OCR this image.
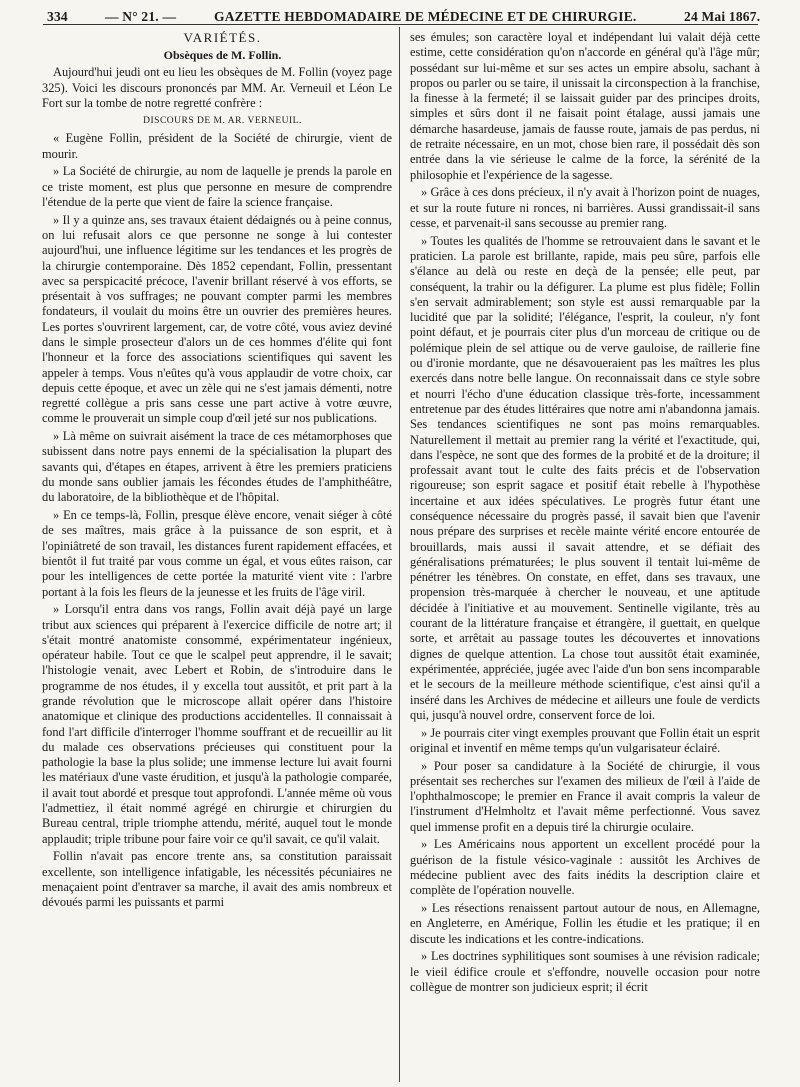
334	— N° 21. —	GAZETTE HEBDOMADAIRE DE MÉDECINE ET DE CHIRURGIE.	24 Mai 1867.

VARIÉTÉS.

Obsèques de M. Follin.

Aujourd'hui jeudi ont eu lieu les obsèques de M. Follin (voyez page 325). Voici les discours prononcés par MM. Ar. Verneuil et Léon Le Fort sur la tombe de notre regretté confrère :

DISCOURS DE M. AR. VERNEUIL.

« Eugène Follin, président de la Société de chirurgie, vient de mourir.

» La Société de chirurgie, au nom de laquelle je prends la parole en ce triste moment, est plus que personne en mesure de comprendre l'étendue de la perte que vient de faire la science française.

» Il y a quinze ans, ses travaux étaient dédaignés ou à peine connus, on lui refusait alors ce que personne ne songe à lui contester aujourd'hui, une influence légitime sur les tendances et les progrès de la chirurgie contemporaine. Dès 1852 cependant, Follin, pressentant avec sa perspicacité précoce, l'avenir brillant réservé à vos efforts, se présentait à vos suffrages; ne pouvant compter parmi les membres fondateurs, il voulait du moins être un ouvrier des premières heures. Les portes s'ouvrirent largement, car, de votre côté, vous aviez deviné dans le simple prosecteur d'alors un de ces hommes d'élite qui font l'honneur et la force des associations scientifiques qui savent les appeler à temps. Vous n'eûtes qu'à vous applaudir de votre choix, car depuis cette époque, et avec un zèle qui ne s'est jamais démenti, notre regretté collègue a pris sans cesse une part active à votre œuvre, comme le prouverait un simple coup d'œil jeté sur nos publications.

» Là même on suivrait aisément la trace de ces métamorphoses que subissent dans notre pays ennemi de la spécialisation la plupart des savants qui, d'étapes en étapes, arrivent à être les premiers praticiens du monde sans oublier jamais les fécondes études de l'amphithéâtre, du laboratoire, de la bibliothèque et de l'hôpital.

» En ce temps-là, Follin, presque élève encore, venait siéger à côté de ses maîtres, mais grâce à la puissance de son esprit, et à l'opiniâtreté de son travail, les distances furent rapidement effacées, et bientôt il fut traité par vous comme un égal, et vous eûtes raison, car pour les intelligences de cette portée la maturité vient vite : l'arbre portant à la fois les fleurs de la jeunesse et les fruits de l'âge viril.

» Lorsqu'il entra dans vos rangs, Follin avait déjà payé un large tribut aux sciences qui préparent à l'exercice difficile de notre art; il s'était montré anatomiste consommé, expérimentateur ingénieux, opérateur habile. Tout ce que le scalpel peut apprendre, il le savait; l'histologie venait, avec Lebert et Robin, de s'introduire dans le programme de nos études, il y excella tout aussitôt, et prit part à la grande révolution que le microscope allait opérer dans l'histoire anatomique et clinique des productions accidentelles. Il connaissait à fond l'art difficile d'interroger l'homme souffrant et de recueillir au lit du malade ces observations précieuses qui constituent pour la pathologie la base la plus solide; une immense lecture lui avait fourni les matériaux d'une vaste érudition, et jusqu'à la pathologie comparée, il avait tout abordé et presque tout approfondi. L'année même où vous l'admettiez, il était nommé agrégé en chirurgie et chirurgien du Bureau central, triple triomphe attendu, mérité, auquel tout le monde applaudit; triple tribune pour faire voir ce qu'il savait, ce qu'il valait.

Follin n'avait pas encore trente ans, sa constitution paraissait excellente, son intelligence infatigable, les nécessités pécuniaires ne menaçaient point d'entraver sa marche, il avait des amis nombreux et dévoués parmi les puissants et parmi

ses émules; son caractère loyal et indépendant lui valait déjà cette estime, cette considération qu'on n'accorde en général qu'à l'âge mûr; possédant sur lui-même et sur ses actes un empire absolu, sachant à propos ou parler ou se taire, il unissait la circonspection à la franchise, la finesse à la fermeté; il se laissait guider par des principes droits, simples et sûrs dont il ne faisait point étalage, aussi jamais une démarche hasardeuse, jamais de fausse route, jamais de pas perdus, ni de retraite nécessaire, en un mot, chose bien rare, il possédait dès son entrée dans la vie sérieuse le calme de la force, la sérénité de la philosophie et l'expérience de la sagesse.

» Grâce à ces dons précieux, il n'y avait à l'horizon point de nuages, et sur la route future ni ronces, ni barrières. Aussi grandissait-il sans cesse, et parvenait-il sans secousse au premier rang.

» Toutes les qualités de l'homme se retrouvaient dans le savant et le praticien. La parole est brillante, rapide, mais peu sûre, parfois elle s'élance au delà ou reste en deçà de la pensée; elle peut, par conséquent, la trahir ou la défigurer. La plume est plus fidèle; Follin s'en servait admirablement; son style est aussi remarquable par la lucidité que par la solidité; l'élégance, l'esprit, la couleur, n'y font point défaut, et je pourrais citer plus d'un morceau de critique ou de polémique plein de sel attique ou de verve gauloise, de raillerie fine ou d'ironie mordante, que ne désavoueraient pas les maîtres les plus exercés dans notre belle langue. On reconnaissait dans ce style sobre et nourri l'écho d'une éducation classique très-forte, incessamment entretenue par des études littéraires que notre ami n'abandonna jamais. Ses tendances scientifiques ne sont pas moins remarquables. Naturellement il mettait au premier rang la vérité et l'exactitude, qui, dans l'espèce, ne sont que des formes de la probité et de la droiture; il professait avant tout le culte des faits précis et de l'observation rigoureuse; son esprit sagace et positif était rebelle à l'hypothèse incertaine et aux idées spéculatives. Le progrès futur étant une conséquence nécessaire du progrès passé, il savait bien que l'avenir nous prépare des surprises et recèle mainte vérité encore entourée de brouillards, mais aussi il savait attendre, et se défiait des généralisations prématurées; le plus souvent il tentait lui-même de pénétrer les ténèbres. On constate, en effet, dans ses travaux, une propension très-marquée à chercher le nouveau, et une aptitude décidée à l'initiative et au mouvement. Sentinelle vigilante, très au courant de la littérature française et étrangère, il guettait, en quelque sorte, et arrêtait au passage toutes les découvertes et innovations dignes de quelque attention. La chose tout aussitôt était examinée, expérimentée, appréciée, jugée avec l'aide d'un bon sens incomparable et le secours de la meilleure méthode scientifique, c'est ainsi qu'il a inséré dans les Archives de médecine et ailleurs une foule de verdicts qui, jusqu'à nouvel ordre, conservent force de loi.

» Je pourrais citer vingt exemples prouvant que Follin était un esprit original et inventif en même temps qu'un vulgarisateur éclairé.

» Pour poser sa candidature à la Société de chirurgie, il vous présentait ses recherches sur l'examen des milieux de l'œil à l'aide de l'ophthalmoscope; le premier en France il avait compris la valeur de l'instrument d'Helmholtz et l'avait même perfectionné. Vous savez quel immense profit en a depuis tiré la chirurgie oculaire.

» Les Américains nous apportent un excellent procédé pour la guérison de la fistule vésico-vaginale : aussitôt les Archives de médecine publient avec des faits inédits la description claire et complète de l'opération nouvelle.

» Les résections renaissent partout autour de nous, en Allemagne, en Angleterre, en Amérique, Follin les étudie et les pratique; il en discute les indications et les contre-indications.

» Les doctrines syphilitiques sont soumises à une révision radicale; le vieil édifice croule et s'effondre, nouvelle occasion pour notre collègue de montrer son judicieux esprit; il écrit
